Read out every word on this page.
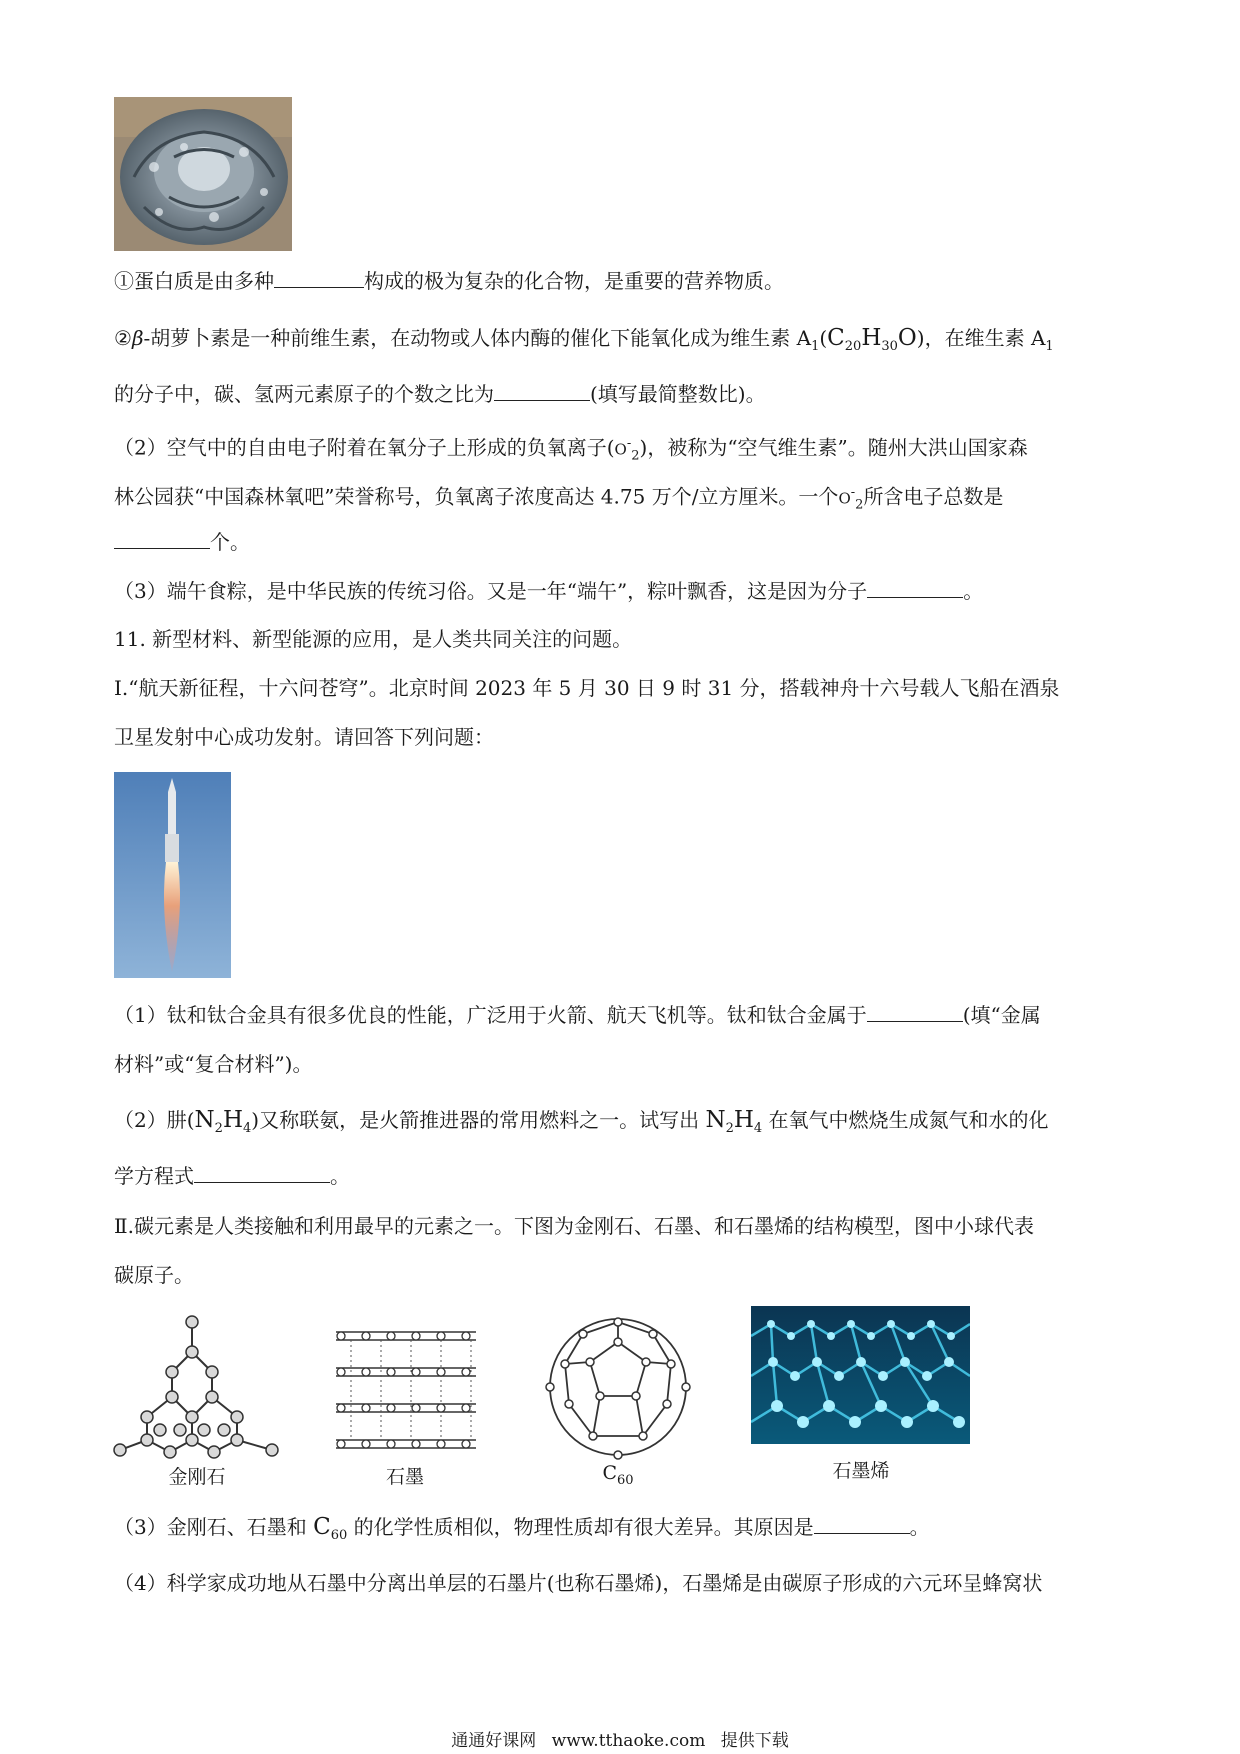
①蛋白质是由多种	构成的极为复杂的化合物，是重要的营养物质。
②β-胡萝卜素是一种前维生素，在动物或人体内酶的催化下能氧化成为维生素 $A_1(C_{20}H_{30}O)$，在维生素 $A_1$
的分子中，碳、氢两元素原子的个数之比为	(填写最简整数比)。
（2）空气中的自由电子附着在氧分子上形成的负氧离子$(O^-_2)$，被称为“空气维生素”。随州大洪山国家森
林公园获“中国森林氧吧”荣誉称号，负氧离子浓度高达 4.75 万个/立方厘米。一个$O^-_2$所含电子总数是
个。
（3）端午食粽，是中华民族的传统习俗。又是一年“端午”，粽叶飘香，这是因为分子	。
11. 新型材料、新型能源的应用，是人类共同关注的问题。
Ⅰ.“航天新征程，十六问苍穹”。北京时间 2023 年 5 月 30 日 9 时 31 分，搭载神舟十六号载人飞船在酒泉
卫星发射中心成功发射。请回答下列问题：
（1）钛和钛合金具有很多优良的性能，广泛用于火箭、航天飞机等。钛和钛合金属于	(填“金属
材料”或“复合材料”)。
（2）肼$(N_2H_4)$又称联氨，是火箭推进器的常用燃料之一。试写出 $N_2H_4$ 在氧气中燃烧生成氮气和水的化
学方程式	。
Ⅱ.碳元素是人类接触和利用最早的元素之一。下图为金刚石、石墨、和石墨烯的结构模型，图中小球代表
碳原子。
金刚石	石墨	$C_{60}$	石墨烯
（3）金刚石、石墨和 $C_{60}$ 的化学性质相似，物理性质却有很大差异。其原因是	。
（4）科学家成功地从石墨中分离出单层的石墨片(也称石墨烯)，石墨烯是由碳原子形成的六元环呈蜂窝状
通通好课网 www.tthaoke.com 提供下载
